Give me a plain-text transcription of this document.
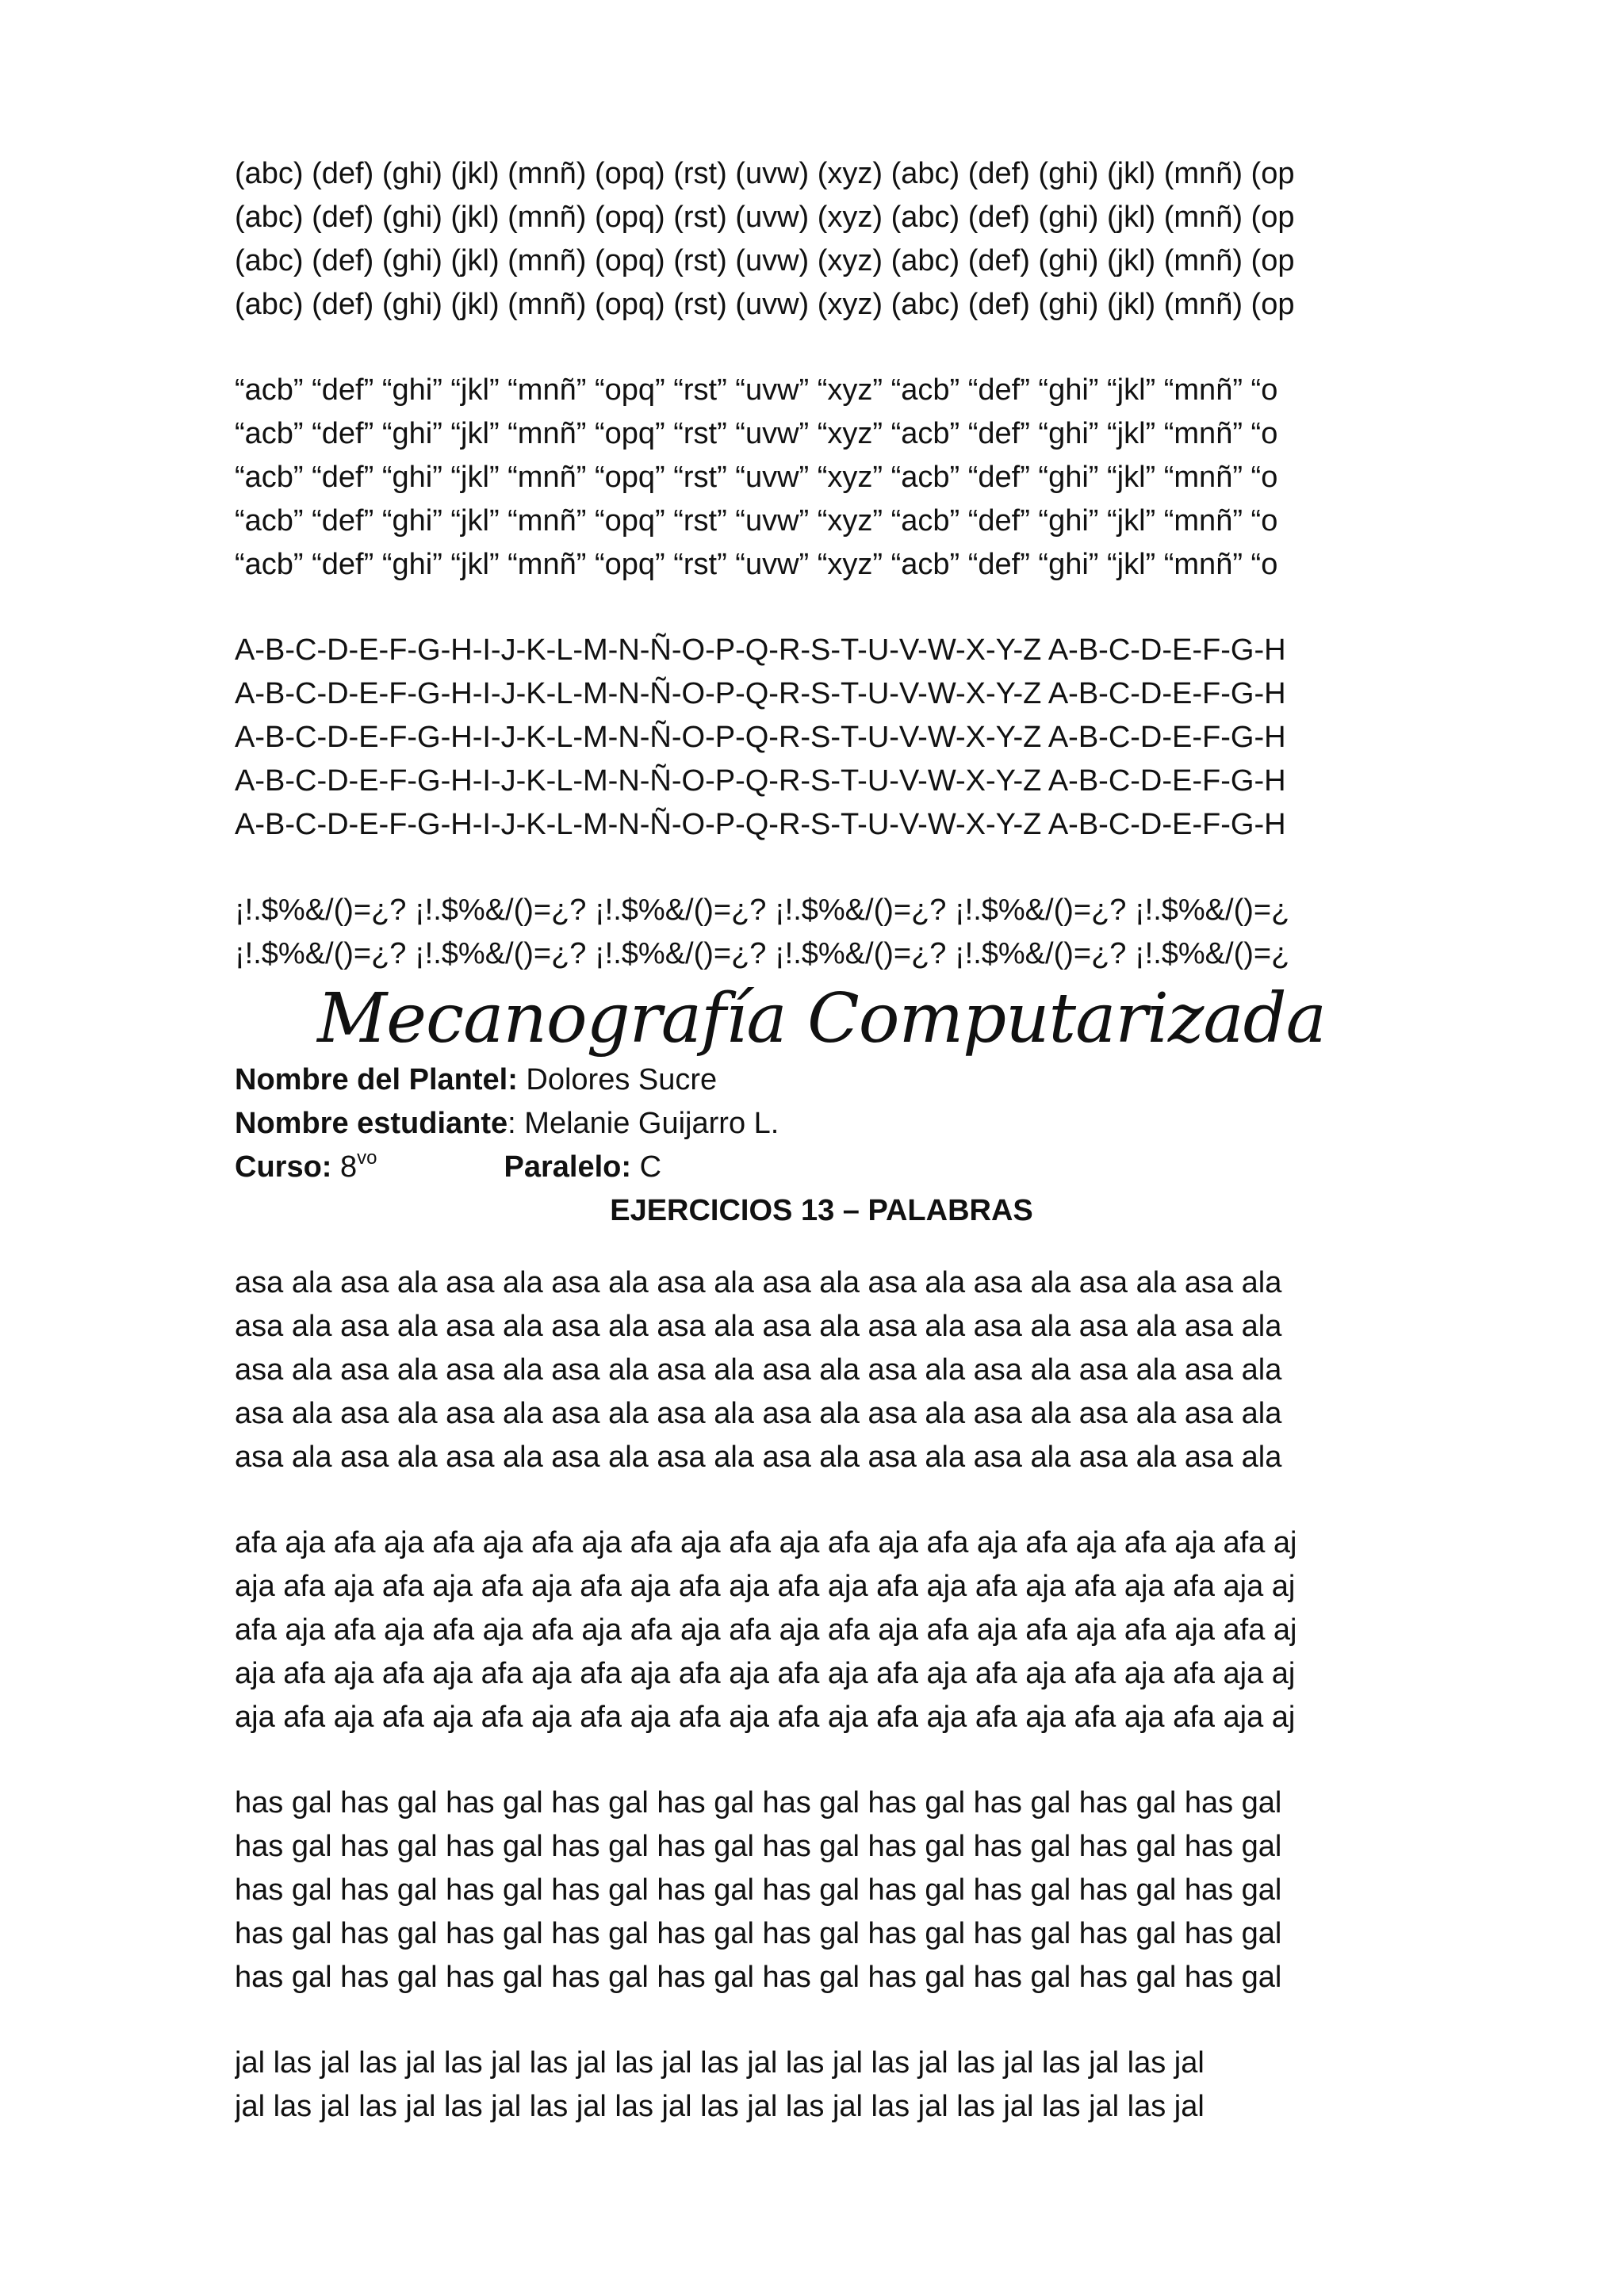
(abc) (def) (ghi) (jkl) (mnñ) (opq) (rst) (uvw) (xyz) (abc) (def) (ghi) (jkl) (mnñ) (op
(abc) (def) (ghi) (jkl) (mnñ) (opq) (rst) (uvw) (xyz) (abc) (def) (ghi) (jkl) (mnñ) (op
(abc) (def) (ghi) (jkl) (mnñ) (opq) (rst) (uvw) (xyz) (abc) (def) (ghi) (jkl) (mnñ) (op
(abc) (def) (ghi) (jkl) (mnñ) (opq) (rst) (uvw) (xyz) (abc) (def) (ghi) (jkl) (mnñ) (op
“acb” “def” “ghi” “jkl” “mnñ” “opq” “rst” “uvw” “xyz” “acb” “def” “ghi” “jkl” “mnñ” “o
“acb” “def” “ghi” “jkl” “mnñ” “opq” “rst” “uvw” “xyz” “acb” “def” “ghi” “jkl” “mnñ” “o
“acb” “def” “ghi” “jkl” “mnñ” “opq” “rst” “uvw” “xyz” “acb” “def” “ghi” “jkl” “mnñ” “o
“acb” “def” “ghi” “jkl” “mnñ” “opq” “rst” “uvw” “xyz” “acb” “def” “ghi” “jkl” “mnñ” “o
“acb” “def” “ghi” “jkl” “mnñ” “opq” “rst” “uvw” “xyz” “acb” “def” “ghi” “jkl” “mnñ” “o
A-B-C-D-E-F-G-H-I-J-K-L-M-N-Ñ-O-P-Q-R-S-T-U-V-W-X-Y-Z A-B-C-D-E-F-G-H
A-B-C-D-E-F-G-H-I-J-K-L-M-N-Ñ-O-P-Q-R-S-T-U-V-W-X-Y-Z A-B-C-D-E-F-G-H
A-B-C-D-E-F-G-H-I-J-K-L-M-N-Ñ-O-P-Q-R-S-T-U-V-W-X-Y-Z A-B-C-D-E-F-G-H
A-B-C-D-E-F-G-H-I-J-K-L-M-N-Ñ-O-P-Q-R-S-T-U-V-W-X-Y-Z A-B-C-D-E-F-G-H
A-B-C-D-E-F-G-H-I-J-K-L-M-N-Ñ-O-P-Q-R-S-T-U-V-W-X-Y-Z A-B-C-D-E-F-G-H
¡!.$%&/()=¿? ¡!.$%&/()=¿? ¡!.$%&/()=¿? ¡!.$%&/()=¿? ¡!.$%&/()=¿? ¡!.$%&/()=¿
¡!.$%&/()=¿? ¡!.$%&/()=¿? ¡!.$%&/()=¿? ¡!.$%&/()=¿? ¡!.$%&/()=¿? ¡!.$%&/()=¿
Mecanografía Computarizada
Nombre del Plantel: Dolores Sucre
Nombre estudiante: Melanie Guijarro L.
Curso: $8^{vo}$	Paralelo: C
EJERCICIOS 13 – PALABRAS
asa ala asa ala asa ala asa ala asa ala asa ala asa ala asa ala asa ala asa ala
asa ala asa ala asa ala asa ala asa ala asa ala asa ala asa ala asa ala asa ala
asa ala asa ala asa ala asa ala asa ala asa ala asa ala asa ala asa ala asa ala
asa ala asa ala asa ala asa ala asa ala asa ala asa ala asa ala asa ala asa ala
asa ala asa ala asa ala asa ala asa ala asa ala asa ala asa ala asa ala asa ala
afa aja afa aja afa aja afa aja afa aja afa aja afa aja afa aja afa aja afa aja afa aj
aja afa aja afa aja afa aja afa aja afa aja afa aja afa aja afa aja afa aja afa aja aj
afa aja afa aja afa aja afa aja afa aja afa aja afa aja afa aja afa aja afa aja afa aj
aja afa aja afa aja afa aja afa aja afa aja afa aja afa aja afa aja afa aja afa aja aj
aja afa aja afa aja afa aja afa aja afa aja afa aja afa aja afa aja afa aja afa aja aj
has gal has gal has gal has gal has gal has gal has gal has gal has gal has gal
has gal has gal has gal has gal has gal has gal has gal has gal has gal has gal
has gal has gal has gal has gal has gal has gal has gal has gal has gal has gal
has gal has gal has gal has gal has gal has gal has gal has gal has gal has gal
has gal has gal has gal has gal has gal has gal has gal has gal has gal has gal
jal las jal las jal las jal las jal las jal las jal las jal las jal las jal las jal las jal
jal las jal las jal las jal las jal las jal las jal las jal las jal las jal las jal las jal
